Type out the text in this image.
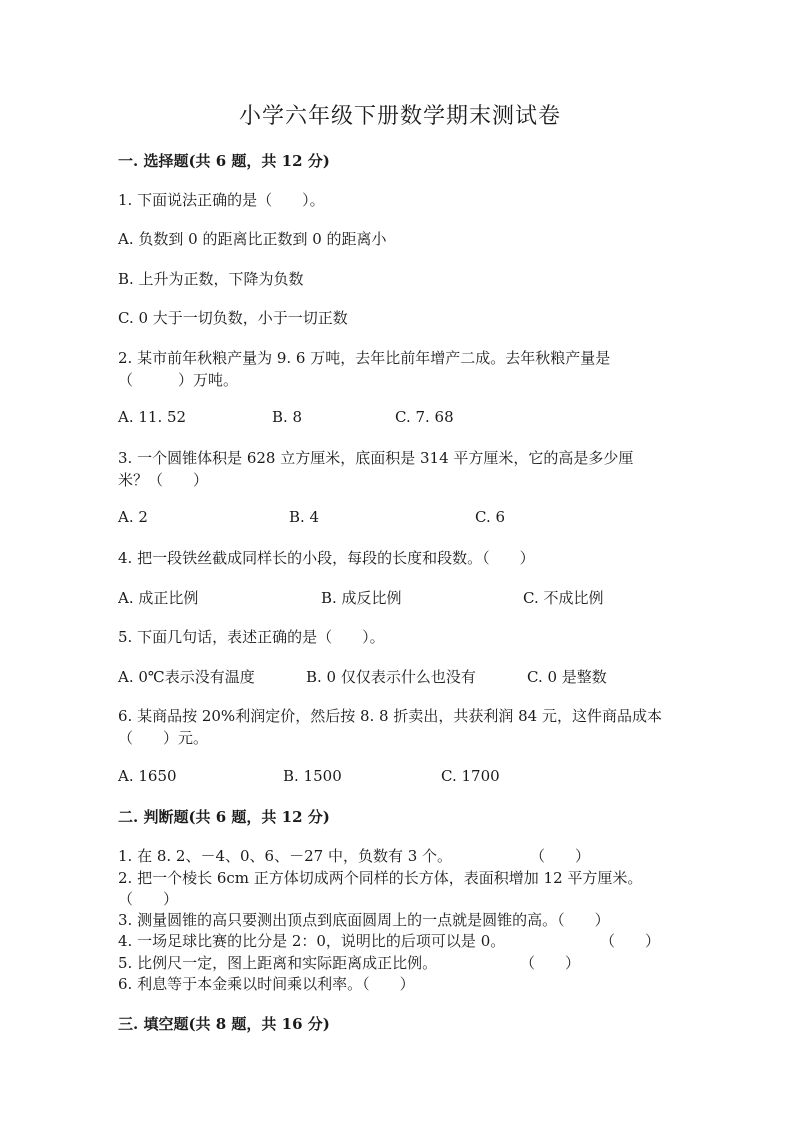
小学六年级下册数学期末测试卷
一. 选择题(共 6 题，共 12 分)
1. 下面说法正确的是（　　）。
A. 负数到 0 的距离比正数到 0 的距离小
B. 上升为正数，下降为负数
C. 0 大于一切负数，小于一切正数
2. 某市前年秋粮产量为 9. 6 万吨，去年比前年增产二成。去年秋粮产量是
（　　　）万吨。
A. 11. 52	B. 8	C. 7. 68
3. 一个圆锥体积是 628 立方厘米，底面积是 314 平方厘米，它的高是多少厘
米？（　　）
A. 2	B. 4	C. 6
4. 把一段铁丝截成同样长的小段，每段的长度和段数。（　　）
A. 成正比例	B. 成反比例	C. 不成比例
5. 下面几句话，表述正确的是（　　）。
A. 0℃表示没有温度	B. 0 仅仅表示什么也没有	C. 0 是整数
6. 某商品按 20%利润定价，然后按 8. 8 折卖出，共获利润 84 元，这件商品成本
（　　）元。
A. 1650	B. 1500	C. 1700
二. 判断题(共 6 题，共 12 分)
1. 在 8. 2、－4、0、6、－27 中，负数有 3 个。	（　　）
2. 把一个棱长 6cm 正方体切成两个同样的长方体，表面积增加 12 平方厘米。
（　　）
3. 测量圆锥的高只要测出顶点到底面圆周上的一点就是圆锥的高。（　　）
4. 一场足球比赛的比分是 2：0，说明比的后项可以是 0。	（　　）
5. 比例尺一定，图上距离和实际距离成正比例。	（　　）
6. 利息等于本金乘以时间乘以利率。（　　）
三. 填空题(共 8 题，共 16 分)
